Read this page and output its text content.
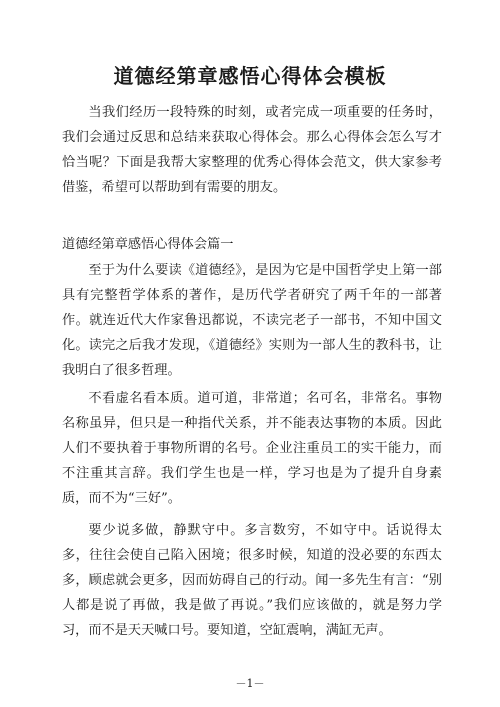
道德经第章感悟心得体会模板

当我们经历一段特殊的时刻，或者完成一项重要的任务时，我们会通过反思和总结来获取心得体会。那么心得体会怎么写才恰当呢？下面是我帮大家整理的优秀心得体会范文，供大家参考借鉴，希望可以帮助到有需要的朋友。

道德经第章感悟心得体会篇一

至于为什么要读《道德经》，是因为它是中国哲学史上第一部具有完整哲学体系的著作，是历代学者研究了两千年的一部著作。就连近代大作家鲁迅都说，不读完老子一部书，不知中国文化。读完之后我才发现，《道德经》实则为一部人生的教科书，让我明白了很多哲理。

不看虚名看本质。道可道，非常道；名可名，非常名。事物名称虽异，但只是一种指代关系，并不能表达事物的本质。因此人们不要执着于事物所谓的名号。企业注重员工的实干能力，而不注重其言辞。我们学生也是一样，学习也是为了提升自身素质，而不为“三好”。

要少说多做，静默守中。多言数穷，不如守中。话说得太多，往往会使自己陷入困境；很多时候，知道的没必要的东西太多，顾虑就会更多，因而妨碍自己的行动。闻一多先生有言：“别人都是说了再做，我是做了再说。”我们应该做的，就是努力学习，而不是天天喊口号。要知道，空缸震响，满缸无声。

－1－
